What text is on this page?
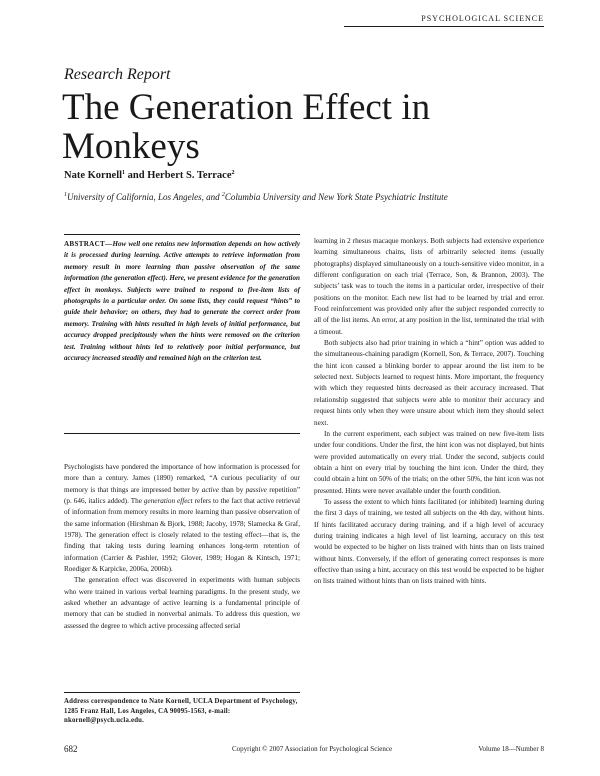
PSYCHOLOGICAL SCIENCE
Research Report
The Generation Effect in Monkeys
Nate Kornell$^1$ and Herbert S. Terrace$^2$
$^1$University of California, Los Angeles, and $^2$Columbia University and New York State Psychiatric Institute

ABSTRACT—How well one retains new information depends on how actively it is processed during learning. Active attempts to retrieve information from memory result in more learning than passive observation of the same information (the generation effect). Here, we present evidence for the generation effect in monkeys. Subjects were trained to respond to five-item lists of photographs in a particular order. On some lists, they could request “hints” to guide their behavior; on others, they had to generate the correct order from memory. Training with hints resulted in high levels of initial performance, but accuracy dropped precipitously when the hints were removed on the criterion test. Training without hints led to relatively poor initial performance, but accuracy increased steadily and remained high on the criterion test.

Psychologists have pondered the importance of how information is processed for more than a century. James (1890) remarked, “A curious peculiarity of our memory is that things are impressed better by active than by passive repetition” (p. 646, italics added). The generation effect refers to the fact that active retrieval of information from memory results in more learning than passive observation of the same information (Hirshman & Bjork, 1988; Jacoby, 1978; Slamecka & Graf, 1978). The generation effect is closely related to the testing effect—that is, the finding that taking tests during learning enhances long-term retention of information (Carrier & Pashler, 1992; Glover, 1989; Hogan & Kintsch, 1971; Roediger & Karpicke, 2006a, 2006b).

The generation effect was discovered in experiments with human subjects who were trained in various verbal learning paradigms. In the present study, we asked whether an advantage of active learning is a fundamental principle of memory that can be studied in nonverbal animals. To address this question, we assessed the degree to which active processing affected serial

learning in 2 rhesus macaque monkeys. Both subjects had extensive experience learning simultaneous chains, lists of arbitrarily selected items (usually photographs) displayed simultaneously on a touch-sensitive video monitor, in a different configuration on each trial (Terrace, Son, & Brannon, 2003). The subjects’ task was to touch the items in a particular order, irrespective of their positions on the monitor. Each new list had to be learned by trial and error. Food reinforcement was provided only after the subject responded correctly to all of the list items. An error, at any position in the list, terminated the trial with a timeout.

Both subjects also had prior training in which a “hint” option was added to the simultaneous-chaining paradigm (Kornell, Son, & Terrace, 2007). Touching the hint icon caused a blinking border to appear around the list item to be selected next. Subjects learned to request hints. More important, the frequency with which they requested hints decreased as their accuracy increased. That relationship suggested that subjects were able to monitor their accuracy and request hints only when they were unsure about which item they should select next.

In the current experiment, each subject was trained on new five-item lists under four conditions. Under the first, the hint icon was not displayed, but hints were provided automatically on every trial. Under the second, subjects could obtain a hint on every trial by touching the hint icon. Under the third, they could obtain a hint on 50% of the trials; on the other 50%, the hint icon was not presented. Hints were never available under the fourth condition.

To assess the extent to which hints facilitated (or inhibited) learning during the first 3 days of training, we tested all subjects on the 4th day, without hints. If hints facilitated accuracy during training, and if a high level of accuracy during training indicates a high level of list learning, accuracy on this test would be expected to be higher on lists trained with hints than on lists trained without hints. Conversely, if the effort of generating correct responses is more effective than using a hint, accuracy on this test would be expected to be higher on lists trained without hints than on lists trained with hints.

Address correspondence to Nate Kornell, UCLA Department of Psychology, 1285 Franz Hall, Los Angeles, CA 90095-1563, e-mail: nkornell@psych.ucla.edu.
682	Copyright © 2007 Association for Psychological Science	Volume 18—Number 8
